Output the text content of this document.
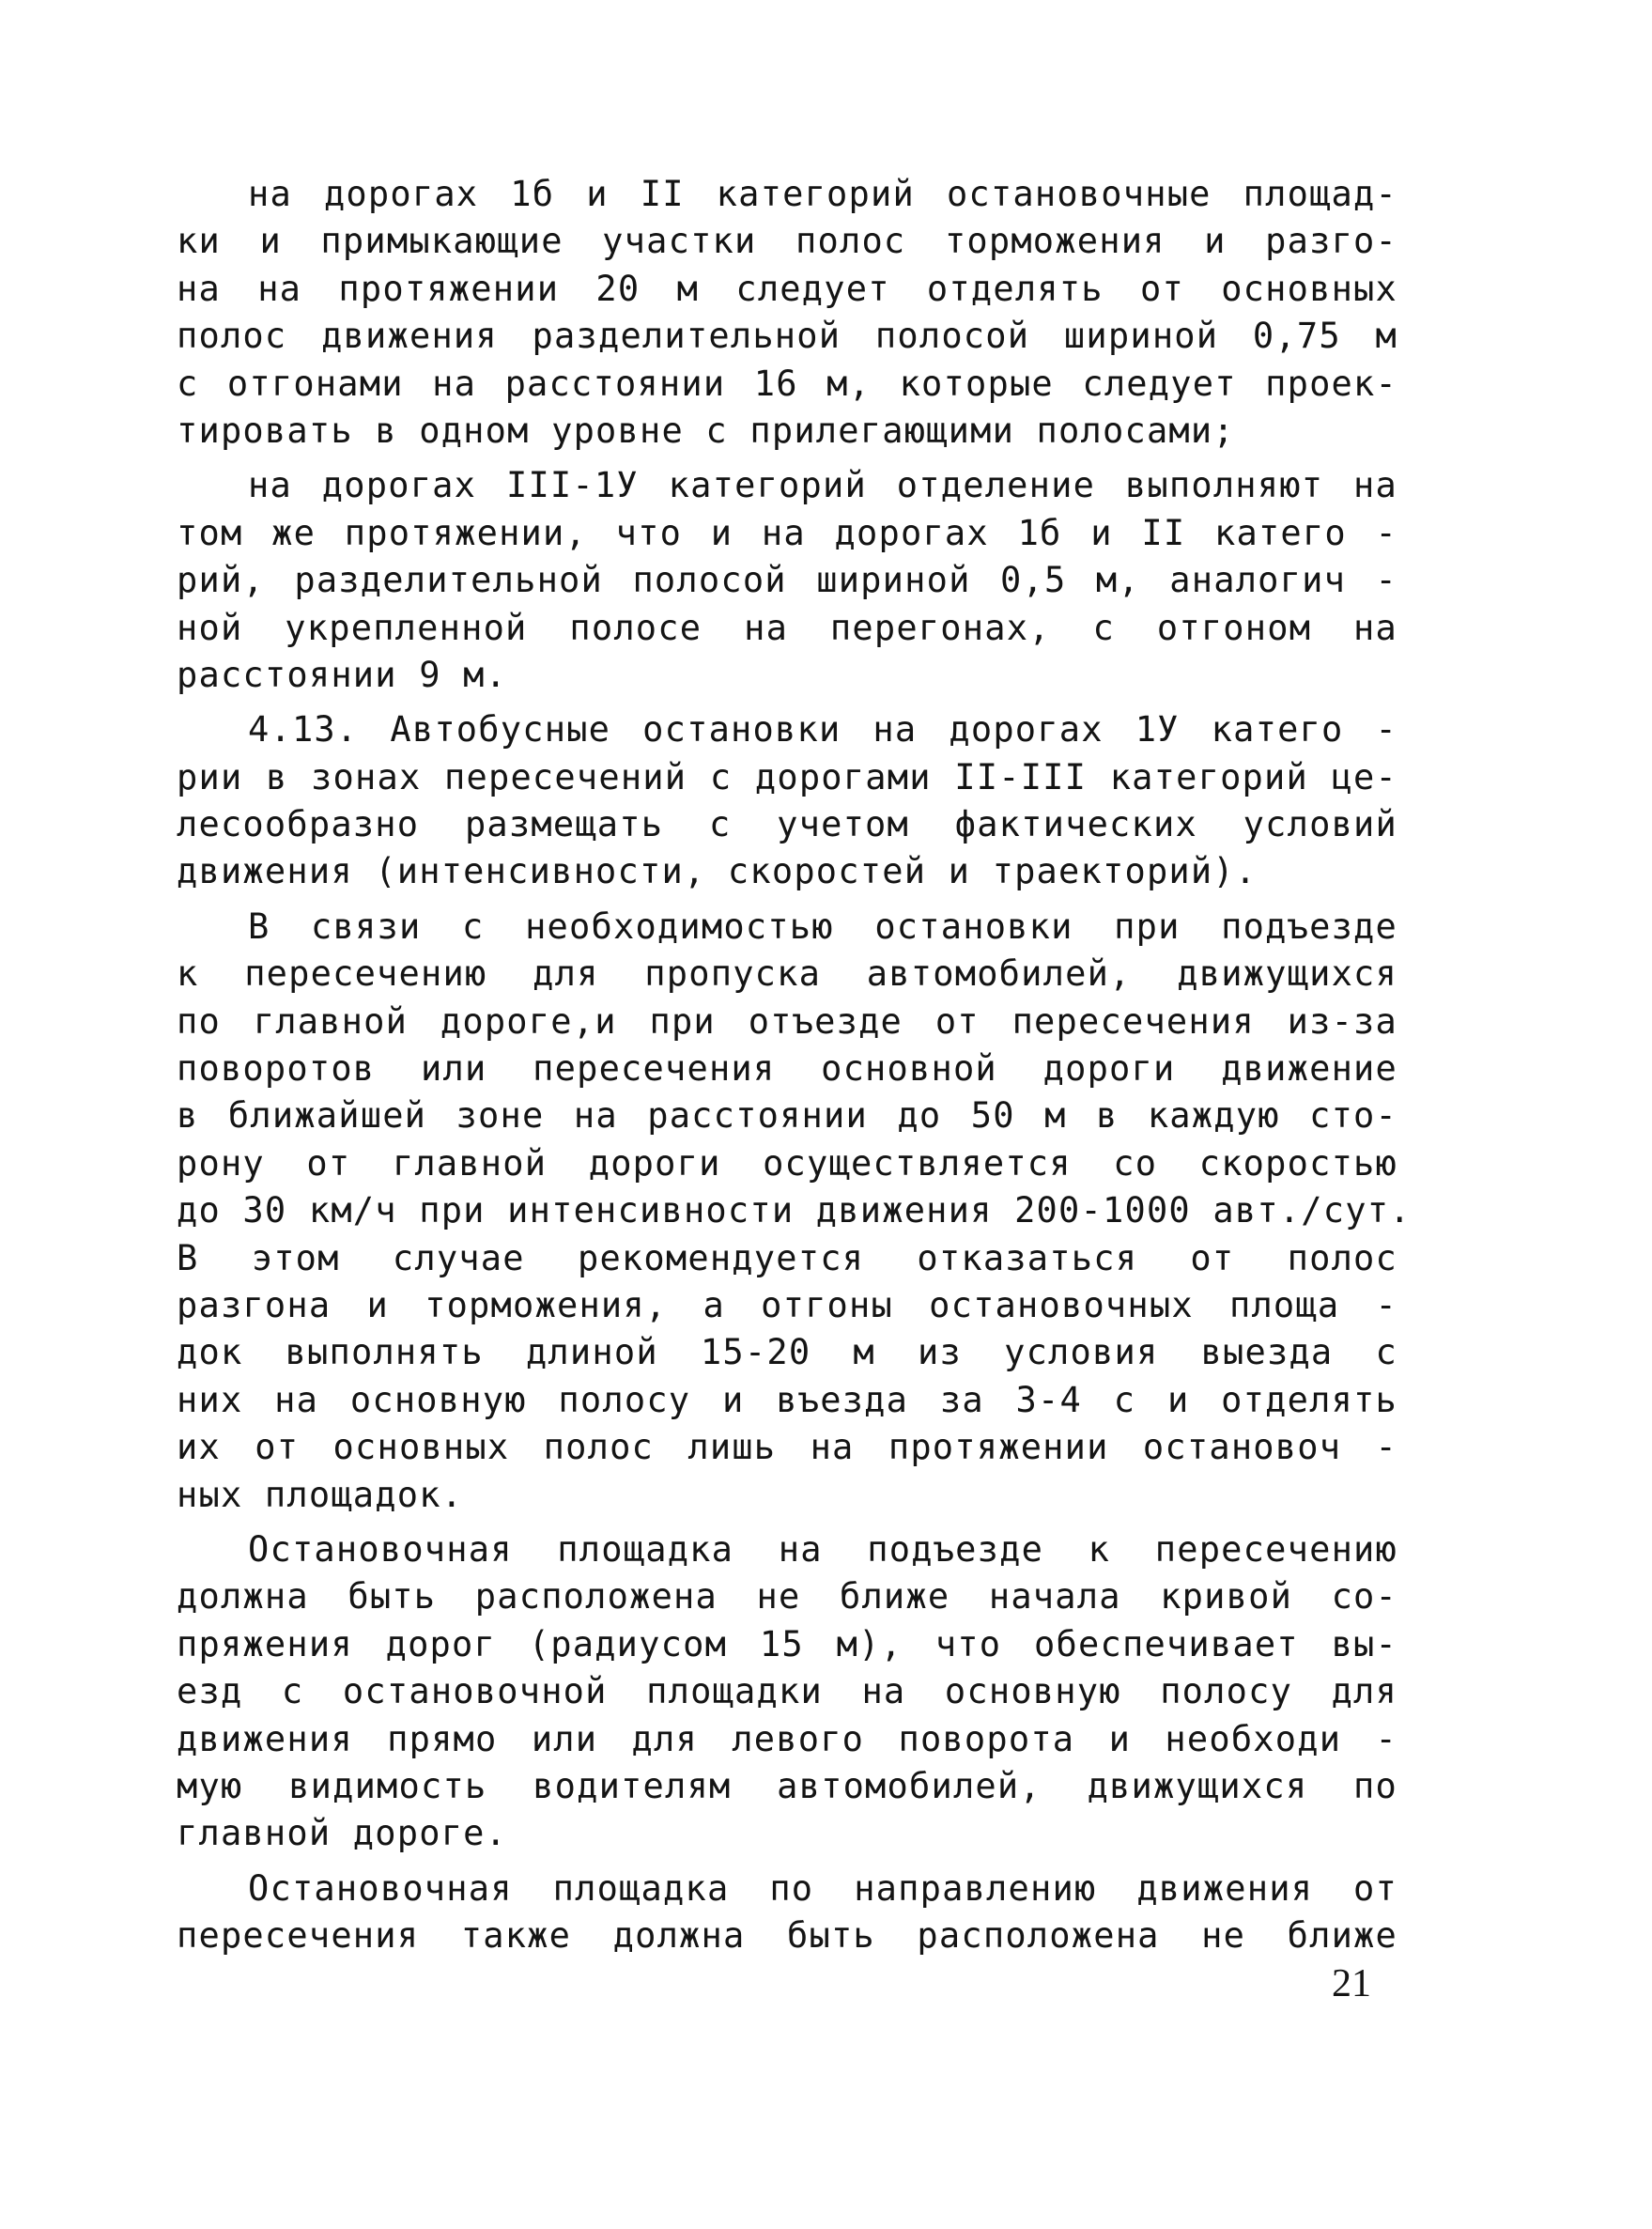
на дорогах 1б и II категорий остановочные площад-
ки и примыкающие участки полос торможения и разго-
на на протяжении 20 м следует отделять от основных
полос движения разделительной полосой шириной 0,75 м
с отгонами на расстоянии 16 м, которые следует проек-
тировать в одном уровне с прилегающими полосами;
на дорогах III-1У категорий отделение выполняют на
том же протяжении, что и на дорогах 1б и II катего -
рий, разделительной полосой шириной 0,5 м, аналогич -
ной укрепленной полосе на перегонах, с отгоном на
расстоянии 9 м.
4.13. Автобусные остановки на дорогах 1У катего -
рии в зонах пересечений с дорогами II-III категорий це-
лесообразно размещать с учетом фактических условий
движения (интенсивности, скоростей и траекторий).
В связи с необходимостью остановки при подъезде
к пересечению для пропуска автомобилей, движущихся
по главной дороге,и при отъезде от пересечения из-за
поворотов или пересечения основной дороги движение
в ближайшей зоне на расстоянии до 50 м в каждую сто-
рону от главной дороги осуществляется со скоростью
до 30 км/ч при интенсивности движения 200-1000 авт./сут.
В этом случае рекомендуется отказаться от полос
разгона и торможения, а отгоны остановочных площа -
док выполнять длиной 15-20 м из условия выезда с
них на основную полосу и въезда за 3-4 с и отделять
их от основных полос лишь на протяжении остановоч -
ных площадок.
Остановочная площадка на подъезде к пересечению
должна быть расположена не ближе начала кривой со-
пряжения дорог (радиусом 15 м), что обеспечивает вы-
езд с остановочной площадки на основную полосу для
движения прямо или для левого поворота и необходи -
мую видимость водителям автомобилей, движущихся по
главной дороге.
Остановочная площадка по направлению движения от
пересечения также должна быть расположена не ближе
21
